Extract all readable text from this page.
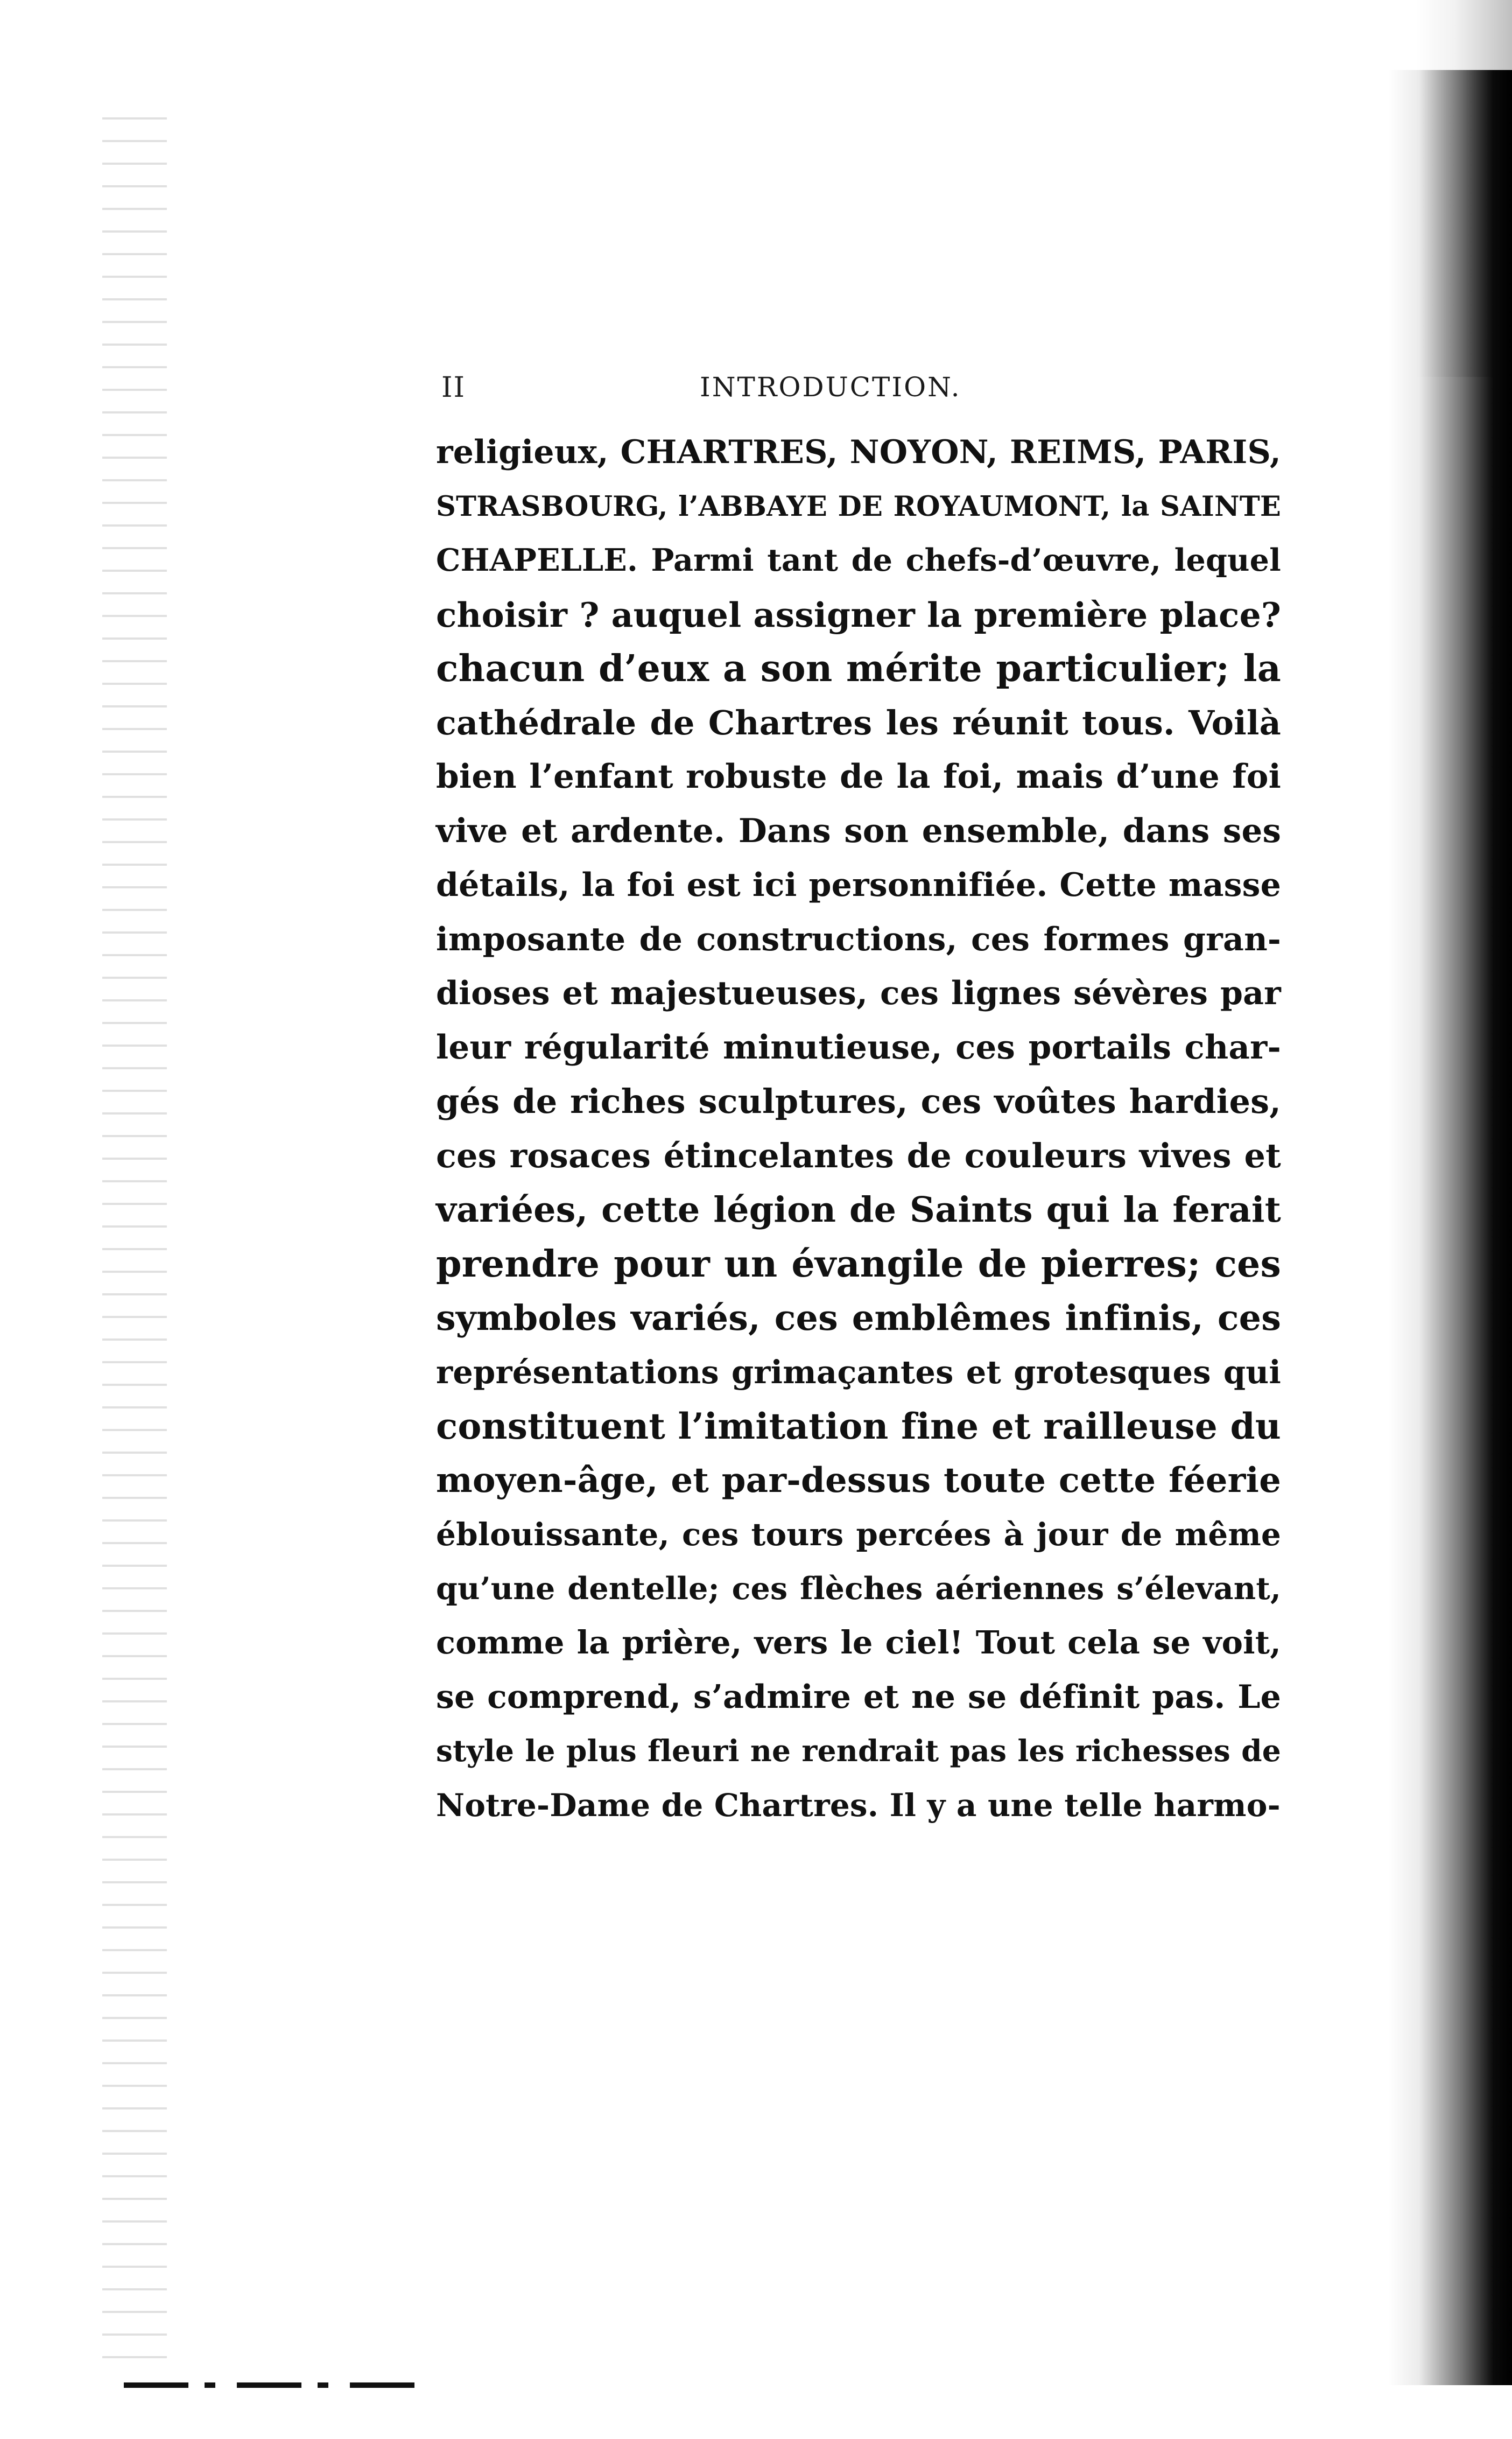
II	INTRODUCTION.
religieux, CHARTRES, NOYON, REIMS, PARIS,
STRASBOURG, l’ABBAYE DE ROYAUMONT, la SAINTE
CHAPELLE. Parmi tant de chefs-d’œuvre, lequel
choisir ? auquel assigner la première place?
chacun d’eux a son mérite particulier; la
cathédrale de Chartres les réunit tous. Voilà
bien l’enfant robuste de la foi, mais d’une foi
vive et ardente. Dans son ensemble, dans ses
détails, la foi est ici personnifiée. Cette masse
imposante de constructions, ces formes gran-
dioses et majestueuses, ces lignes sévères par
leur régularité minutieuse, ces portails char-
gés de riches sculptures, ces voûtes hardies,
ces rosaces étincelantes de couleurs vives et
variées, cette légion de Saints qui la ferait
prendre pour un évangile de pierres; ces
symboles variés, ces emblêmes infinis, ces
représentations grimaçantes et grotesques qui
constituent l’imitation fine et railleuse du
moyen-âge, et par-dessus toute cette féerie
éblouissante, ces tours percées à jour de même
qu’une dentelle; ces flèches aériennes s’élevant,
comme la prière, vers le ciel! Tout cela se voit,
se comprend, s’admire et ne se définit pas. Le
style le plus fleuri ne rendrait pas les richesses de
Notre-Dame de Chartres. Il y a une telle harmo-
